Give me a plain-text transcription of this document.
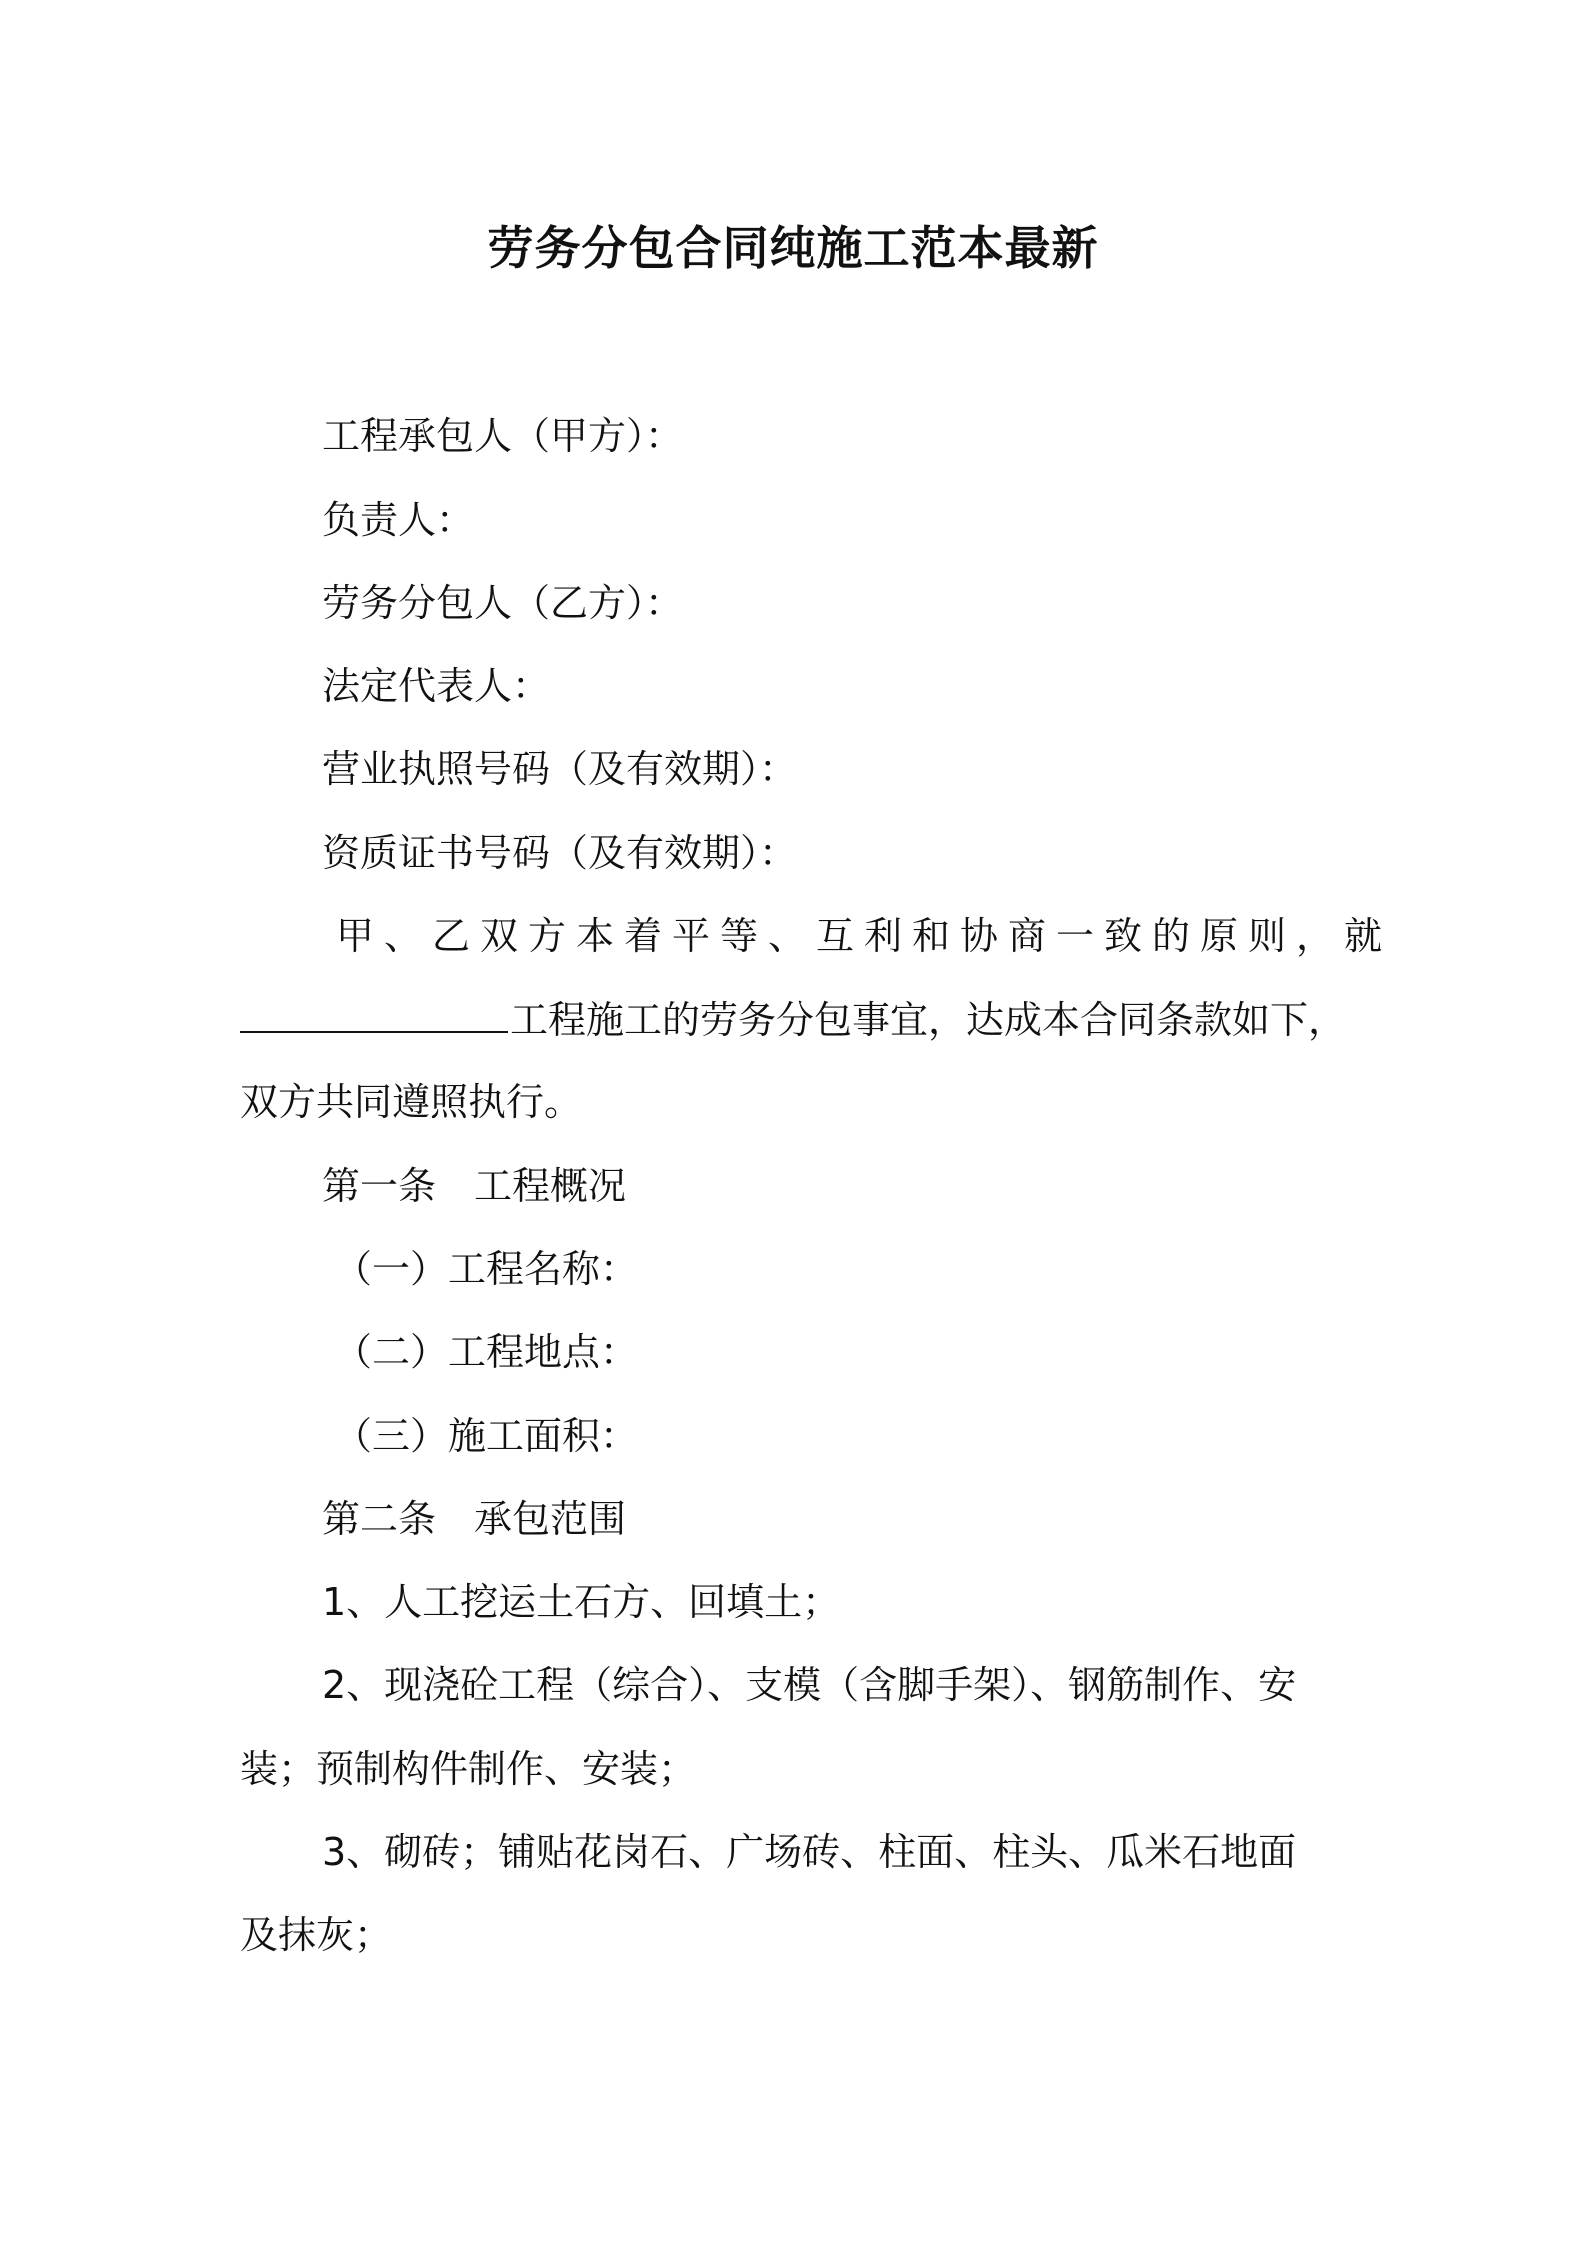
劳务分包合同纯施工范本最新
工程承包人（甲方）：
负责人：
劳务分包人（乙方）：
法定代表人：
营业执照号码（及有效期）：
资质证书号码（及有效期）：
甲、乙双方本着平等、互利和协商一致的原则，就
工程施工的劳务分包事宜，达成本合同条款如下，
双方共同遵照执行。
第一条　工程概况
（一）工程名称：
（二）工程地点：
（三）施工面积：
第二条　承包范围
1、人工挖运土石方、回填土；
2、现浇砼工程（综合）、支模（含脚手架）、钢筋制作、安
装；预制构件制作、安装；
3、砌砖；铺贴花岗石、广场砖、柱面、柱头、瓜米石地面
及抹灰；
